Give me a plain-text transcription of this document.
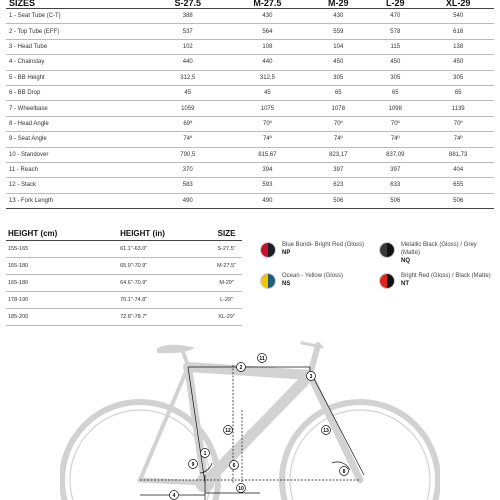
SIZES	S-27.5	M-27.5	M-29	L-29	XL-29
1 - Seat Tube (C-T)	388	430	430	470	540
2 - Top Tube (EFF)	537	564	559	578	618
3 - Head Tube	102	108	104	115	138
4 - Chainstay	440	440	450	450	450
5 - BB Height	312,5	312,5	305	305	305
6 - BB Drop	45	45	65	65	65
7 - Wheelbase	1059	1075	1078	1098	1139
8 - Head Angle	69º	70º	70º	70º	70º
9 - Seat Angle	74º	74º	74º	74º	74º
10 - Standover	790,5	815,67	823,17	837,09	881,73
11 - Reach	370	394	397	397	404
12 - Stack	583	593	623	633	655
13 - Fork Length	490	490	506	506	506
HEIGHT (cm)	HEIGHT (in)	SIZE
155-165	61.1"-63.0"	S-27.5"
165-180	65.0"-70.9"	M-27.5"
165-180	64.6"-70.9"	M-29"
178-190	70.1"-74.8"	L-29"
185-200	72.8"-78.7"	XL-29"
Blue Bondi- Bright Red (Gloss)
NP
Metallic Black (Gloss) / Grey (Matte)
NQ
Ocean - Yellow (Gloss)
NS
Bright Red (Gloss) / Black (Matte)
NT
11
2
3
1
12	13
9	6
8
10
4
